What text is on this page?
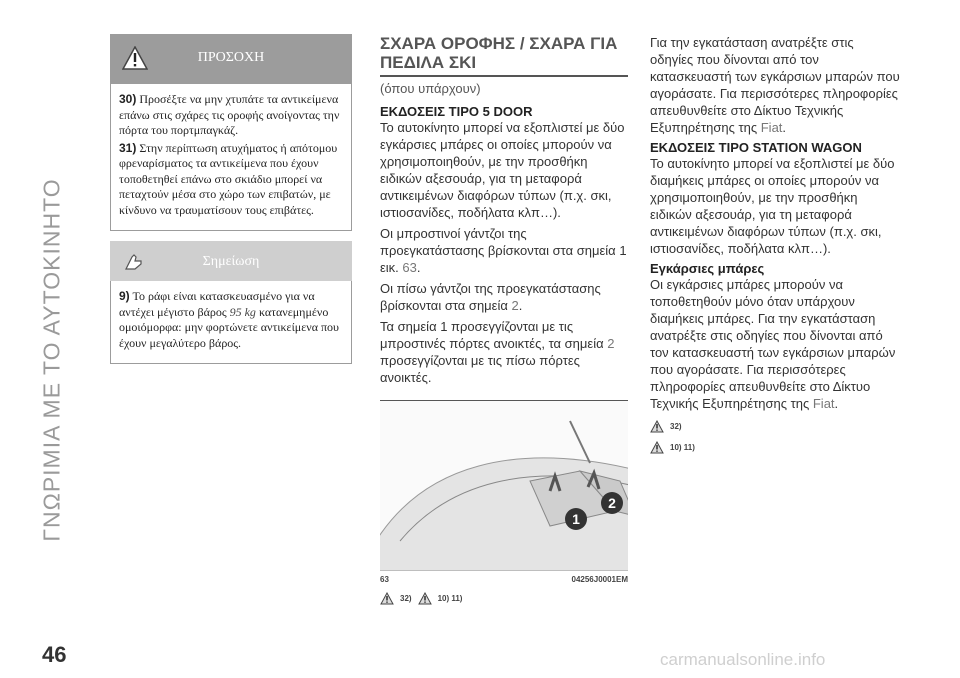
ΓΝΩΡΙΜΙΑ ΜΕ ΤΟ ΑΥΤΟΚΙΝΗΤΟ
46	carmanualsonline.info
ΠΡΟΣΟΧΗ

30) Προσέξτε να μην χτυπάτε τα αντικείμενα επάνω στις σχάρες τις οροφής ανοίγοντας την πόρτα του πορτμπαγκάζ.

31) Στην περίπτωση ατυχήματος ή απότομου φρεναρίσματος τα αντικείμενα που έχουν τοποθετηθεί επάνω στο σκιάδιο μπορεί να πεταχτούν μέσα στο χώρο των επιβατών, με κίνδυνο να τραυματίσουν τους επιβάτες.

Σημείωση

9) Το ράφι είναι κατασκευασμένο για να αντέχει μέγιστο βάρος 95 kg κατανεμημένο ομοιόμορφα: μην φορτώνετε αντικείμενα που έχουν μεγαλύτερο βάρος.

ΣΧΑΡΑ ΟΡΟΦΗΣ / ΣΧΑΡΑ ΓΙΑ ΠΕΔΙΛΑ ΣΚΙ
(όπου υπάρχουν)
ΕΚΔΟΣΕΙΣ TIPO 5 DOOR

Το αυτοκίνητο μπορεί να εξοπλιστεί με δύο εγκάρσιες μπάρες οι οποίες μπορούν να χρησιμοποιηθούν, με την προσθήκη ειδικών αξεσουάρ, για τη μεταφορά αντικειμένων διαφόρων τύπων (π.χ. σκι, ιστιοσανίδες, ποδήλατα κλπ…).

Οι μπροστινοί γάντζοι της προεγκατάστασης βρίσκονται στα σημεία 1 εικ. 63.

Οι πίσω γάντζοι της προεγκατάστασης βρίσκονται στα σημεία 2.

Τα σημεία 1 προσεγγίζονται με τις μπροστινές πόρτες ανοικτές, τα σημεία 2 προσεγγίζονται με τις πίσω πόρτες ανοικτές.

1
2
63	04256J0001EM
32)	10) 11)

Για την εγκατάσταση ανατρέξτε στις οδηγίες που δίνονται από τον κατασκευαστή των εγκάρσιων μπαρών που αγοράσατε. Για περισσότερες πληροφορίες απευθυνθείτε στο Δίκτυο Τεχνικής Εξυπηρέτησης της Fiat.

ΕΚΔΟΣΕΙΣ TIPO STATION WAGON

Το αυτοκίνητο μπορεί να εξοπλιστεί με δύο διαμήκεις μπάρες οι οποίες μπορούν να χρησιμοποιηθούν, με την προσθήκη ειδικών αξεσουάρ, για τη μεταφορά αντικειμένων διαφόρων τύπων (π.χ. σκι, ιστιοσανίδες, ποδήλατα κλπ…).

Εγκάρσιες μπάρες

Οι εγκάρσιες μπάρες μπορούν να τοποθετηθούν μόνο όταν υπάρχουν διαμήκεις μπάρες. Για την εγκατάσταση ανατρέξτε στις οδηγίες που δίνονται από τον κατασκευαστή των εγκάρσιων μπαρών που αγοράσατε. Για περισσότερες πληροφορίες απευθυνθείτε στο Δίκτυο Τεχνικής Εξυπηρέτησης της Fiat.

32)
10) 11)
